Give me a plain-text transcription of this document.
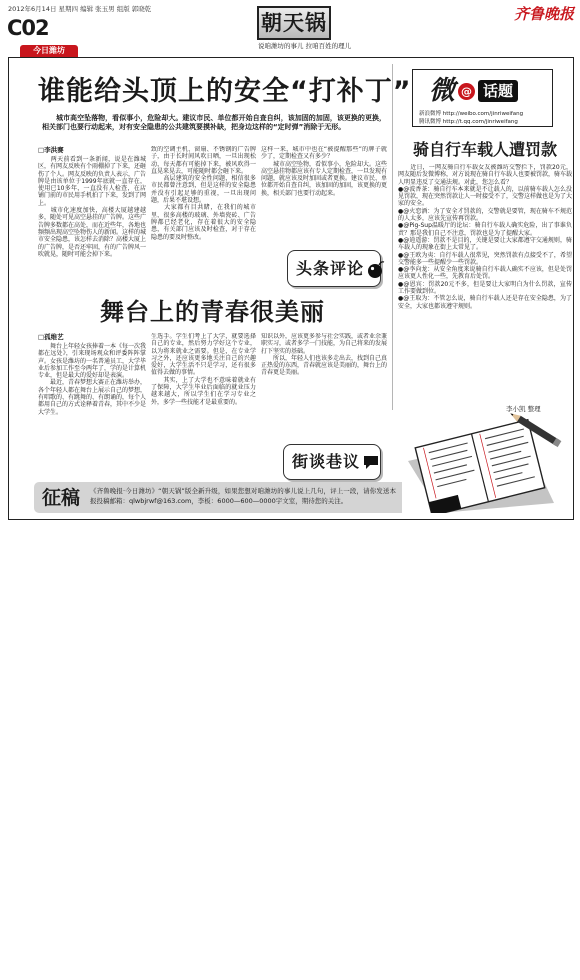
2012年6月14日 星期四 编辑 张玉男 组版 郭晓乾
C02
今日潍坊
朝天锅
说咱潍坊的事儿 拉咱百姓的理儿
齐鲁晚报
谁能给头顶上的安全“打补丁”
城市高空坠落物，看似事小，危险却大。建议市民、单位都开始自查自纠，该加固的加固，该更换的更换，相关部门也要行动起来，对有安全隐患的公共建筑要摸补缺，把身边这样的“定时弹”消除于无形。
□李洪赛
　　两天前看到一条新闻，说是在潍城区，有网友反映有个雨棚掉了下来，还砸伤了个人。网友反映的负责人表示，广告牌是由该单位于1999年底就一直存在，使用已10多年，一直没有人检查，在店铺门前的市民用手机拍了下来，发到了网上。
　　城市化速度加快，高楼大厦越建越多，随处可见高空悬挂的广告牌。这些广告牌多数都在高处，而在近些年，各地也频频出现高空坠物伤人的新闻。这样的城市安全隐患，该怎样去消除？高楼大厦上的广告牌，是否还牢固，有的广告牌风一吹就晃，随时可能会掉下来。
致的空调主机、窗扇、不锈钢的广告牌子，由于长时间风吹日晒，一旦出现松动，每天都有可能掉下来，被风吹得一直晃来晃去，可能随时都会砸下来。
　　高层建筑的安全性问题，相信很多市民都曾注意到，但是这样的安全隐患并没有引起足够的重视，一旦出现问题，后果不堪设想。
　　大家都有目共睹，在我们的城市里，很多高楼的玻璃、外墙瓷砖、广告牌都已经老化，存在着很大的安全隐患，有关部门应该及时检查，对于存在隐患的要及时整改。
这样一来，城市中也在“被提醒那些”的牌子就少了，定期检查又有多少？
　　城市高空坠物，看似事小，危险却大。这些高空悬挂物都应该有专人定期检查，一旦发现有问题，就应该及时加固或者更换。建议市民、单位都开始自查自纠，该加固的加固，该更换的更换，相关部门也要行动起来。
头条评论
舞台上的青春很美丽
□孤维艺
　　舞台上年轻女孩捧着一本《每一次我都在远处》，引来现场观众和评委阵阵掌声。女孩是潍坊的一名普通员工，大学毕业后参加工作至今两年了，学的是计算机专业，但是最大的爱好却是表演。
　　最近，青春梦想大赛正在潍坊举办，各个年轻人都在舞台上展示自己的梦想，有唱歌的、有跳舞的、有朗诵的，每个人都用自己的方式诠释着青春，其中不少是大学生。
生选手。学生们考上了大学，就要选择自己的专业，然后努力学好这个专业，以为将来就业之需要。但是，在专业学习之外，还应该更多地关注自己的兴趣爱好，大学生活不只是学习，还有很多值得去做的事情。
　　其实，上了大学也不意味着就业有了保障，大学生毕业后面临的就业压力越来越大，所以学生们在学习专业之外，多学一些技能才是最重要的。
知识以外，应该更多参与社会实践，或者业余兼职实习，或者多学一门技能，为自己将来的发展打下坚实的基础。
　　所以，年轻人们也该多走出去，找到自己真正热爱的东西，青春就应该是美丽的，舞台上的青春更是美丽。
街谈巷议
微 @ 话题
新浪微博 http://weibo.com/jinriweifang
腾讯微博 http://t.qq.com/jinriweifang
骑自行车载人遭罚款
　　近日，一网友骑自行车载女友被潍坊交警拦下，罚款20元，网友随后发微博称，对方说现在骑自行车载人也要被罚款，骑车载人明显违反了交通法规。对此，您怎么看？
●@波香茶：骑自行车本来就是不让载人的，以前骑车载人怎么没见罚款，现在突然罚款让人一时接受不了，交警这样做也是为了大家的安全。
●@火恋酒：为了安全才罚款的，交警就是要管，现在骑车不规范的人太多，应该先宣传再罚款。
●@Pig-Sup温暖厅的论坛：骑自行车载人确实危险，出了事谁负责？那是我们自己不注意，罚款也是为了提醒大家。
●@逍遥游：罚款不是目的，关键是要让大家都遵守交通规则，骑车载人的现象在街上太常见了。
●@王欧为夷：自行车载人很常见，突然罚款有点接受不了，希望交警能多一些提醒少一些罚款。
●@李向龙：从安全角度来说骑自行车载人确实不应该，但是处罚应该更人性化一些，先教育后处罚。
●@恩宾：罚款20元不多，但是要让大家明白为什么罚款，宣传工作要做到位。
●@王取为：不管怎么说，骑自行车载人还是存在安全隐患，为了安全，大家也都该遵守规则。
李小凯 整理
征稿 《齐鲁晚报·今日潍坊》“朝天锅”版全新升级，如果您想对咱潍坊的事儿说上几句，评上一段，请你发送本报投稿邮箱：qlwbjrwf@163.com，李板：6000—600—0000宇文室，期待您的关注。
